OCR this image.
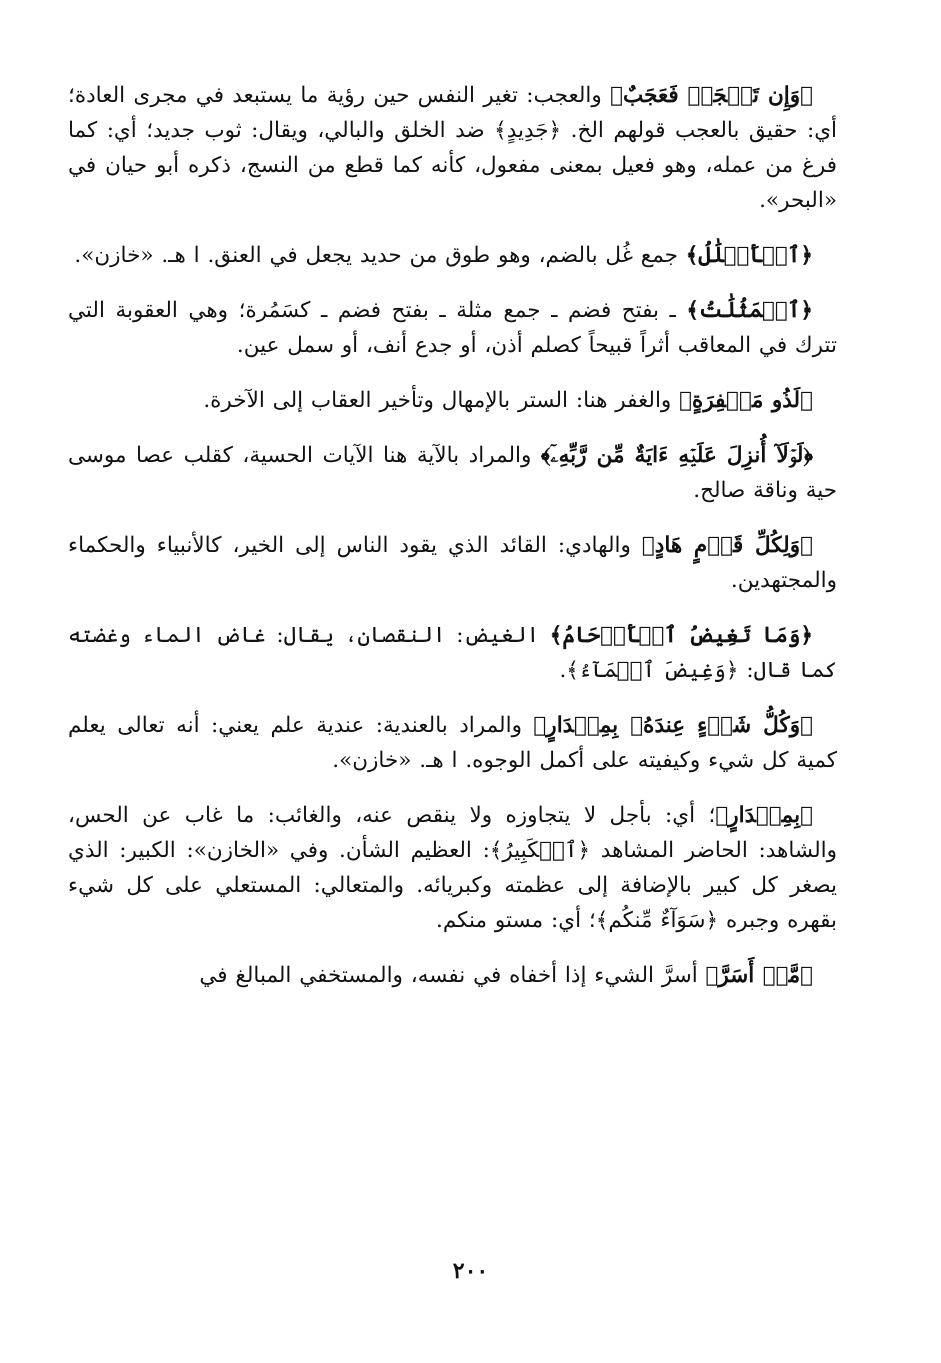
﴿وَإِن تَعۡجَبۡ فَعَجَبٌ﴾ والعجب: تغير النفس حين رؤية ما يستبعد في مجرى العادة؛ أي: حقيق بالعجب قولهم الخ. ﴿جَدِيدٍ﴾ ضد الخلق والبالي، ويقال: ثوب جديد؛ أي: كما فرغ من عمله، وهو فعيل بمعنى مفعول، كأنه كما قطع من النسج، ذكره أبو حيان في «البحر».

﴿ٱلۡأَغۡلَٰلُ﴾ جمع غُل بالضم، وهو طوق من حديد يجعل في العنق. ا هـ. «خازن».

﴿ٱلۡمَثُلَٰتُ﴾ ـ بفتح فضم ـ جمع مثلة ـ بفتح فضم ـ كسَمُرة؛ وهي العقوبة التي تترك في المعاقب أثراً قبيحاً كصلم أذن، أو جدع أنف، أو سمل عين.

﴿لَذُو مَغۡفِرَةٍ﴾ والغفر هنا: الستر بالإمهال وتأخير العقاب إلى الآخرة.

﴿لَوۡلَآ أُنزِلَ عَلَيۡهِ ءَايَةٌ مِّن رَّبِّهِۦٓ﴾ والمراد بالآية هنا الآيات الحسية، كقلب عصا موسى حية وناقة صالح.

﴿وَلِكُلِّ قَوۡمٍ هَادٍ﴾ والهادي: القائد الذي يقود الناس إلى الخير، كالأنبياء والحكماء والمجتهدين.

﴿وَمَا تَغِيضُ ٱلۡأَرۡحَامُ﴾ الغيض: النقصان، يقال: غاض الماء وغضته كما قال: ﴿وَغِيضَ ٱلۡمَآءُ﴾.

﴿وَكُلُّ شَيۡءٍ عِندَهُۥ بِمِقۡدَارٍ﴾ والمراد بالعندية: عندية علم يعني: أنه تعالى يعلم كمية كل شيء وكيفيته على أكمل الوجوه. ا هـ. «خازن».

﴿بِمِقۡدَارٍ﴾؛ أي: بأجل لا يتجاوزه ولا ينقص عنه، والغائب: ما غاب عن الحس، والشاهد: الحاضر المشاهد ﴿ٱلۡكَبِيرُ﴾: العظيم الشأن. وفي «الخازن»: الكبير: الذي يصغر كل كبير بالإضافة إلى عظمته وكبريائه. والمتعالي: المستعلي على كل شيء بقهره وجبره ﴿سَوَآءٌ مِّنكُم﴾؛ أي: مستو منكم.

﴿مَّنۡ أَسَرَّ﴾ أسرَّ الشيء إذا أخفاه في نفسه، والمستخفي المبالغ في

٢٠٠
